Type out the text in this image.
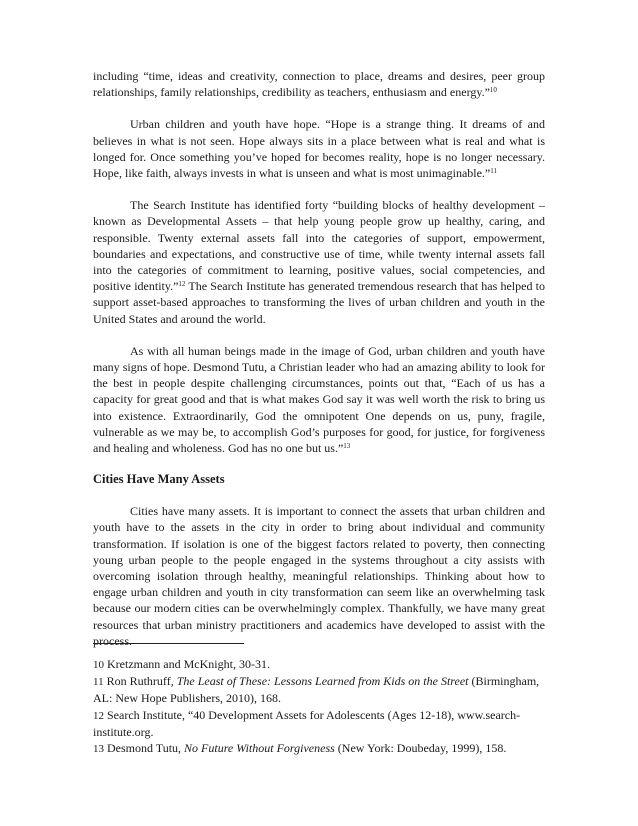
including “time, ideas and creativity, connection to place, dreams and desires, peer group relationships, family relationships, credibility as teachers, enthusiasm and energy.”$^{10}$

Urban children and youth have hope. “Hope is a strange thing. It dreams of and believes in what is not seen. Hope always sits in a place between what is real and what is longed for. Once something you’ve hoped for becomes reality, hope is no longer necessary. Hope, like faith, always invests in what is unseen and what is most unimaginable.”$^{11}$

The Search Institute has identified forty “building blocks of healthy development – known as Developmental Assets – that help young people grow up healthy, caring, and responsible. Twenty external assets fall into the categories of support, empowerment, boundaries and expectations, and constructive use of time, while twenty internal assets fall into the categories of commitment to learning, positive values, social competencies, and positive identity.”$^{12}$ The Search Institute has generated tremendous research that has helped to support asset-based approaches to transforming the lives of urban children and youth in the United States and around the world.

As with all human beings made in the image of God, urban children and youth have many signs of hope. Desmond Tutu, a Christian leader who had an amazing ability to look for the best in people despite challenging circumstances, points out that, “Each of us has a capacity for great good and that is what makes God say it was well worth the risk to bring us into existence. Extraordinarily, God the omnipotent One depends on us, puny, fragile, vulnerable as we may be, to accomplish God’s purposes for good, for justice, for forgiveness and healing and wholeness. God has no one but us.”$^{13}$

Cities Have Many Assets

Cities have many assets. It is important to connect the assets that urban children and youth have to the assets in the city in order to bring about individual and community transformation. If isolation is one of the biggest factors related to poverty, then connecting young urban people to the people engaged in the systems throughout a city assists with overcoming isolation through healthy, meaningful relationships. Thinking about how to engage urban children and youth in city transformation can seem like an overwhelming task because our modern cities can be overwhelmingly complex. Thankfully, we have many great resources that urban ministry practitioners and academics have developed to assist with the process.

10 Kretzmann and McKnight, 30-31.
11 Ron Ruthruff, The Least of These: Lessons Learned from Kids on the Street (Birmingham, AL: New Hope Publishers, 2010), 168.
12 Search Institute, “40 Development Assets for Adolescents (Ages 12-18), www.search-institute.org.
13 Desmond Tutu, No Future Without Forgiveness (New York: Doubeday, 1999), 158.
